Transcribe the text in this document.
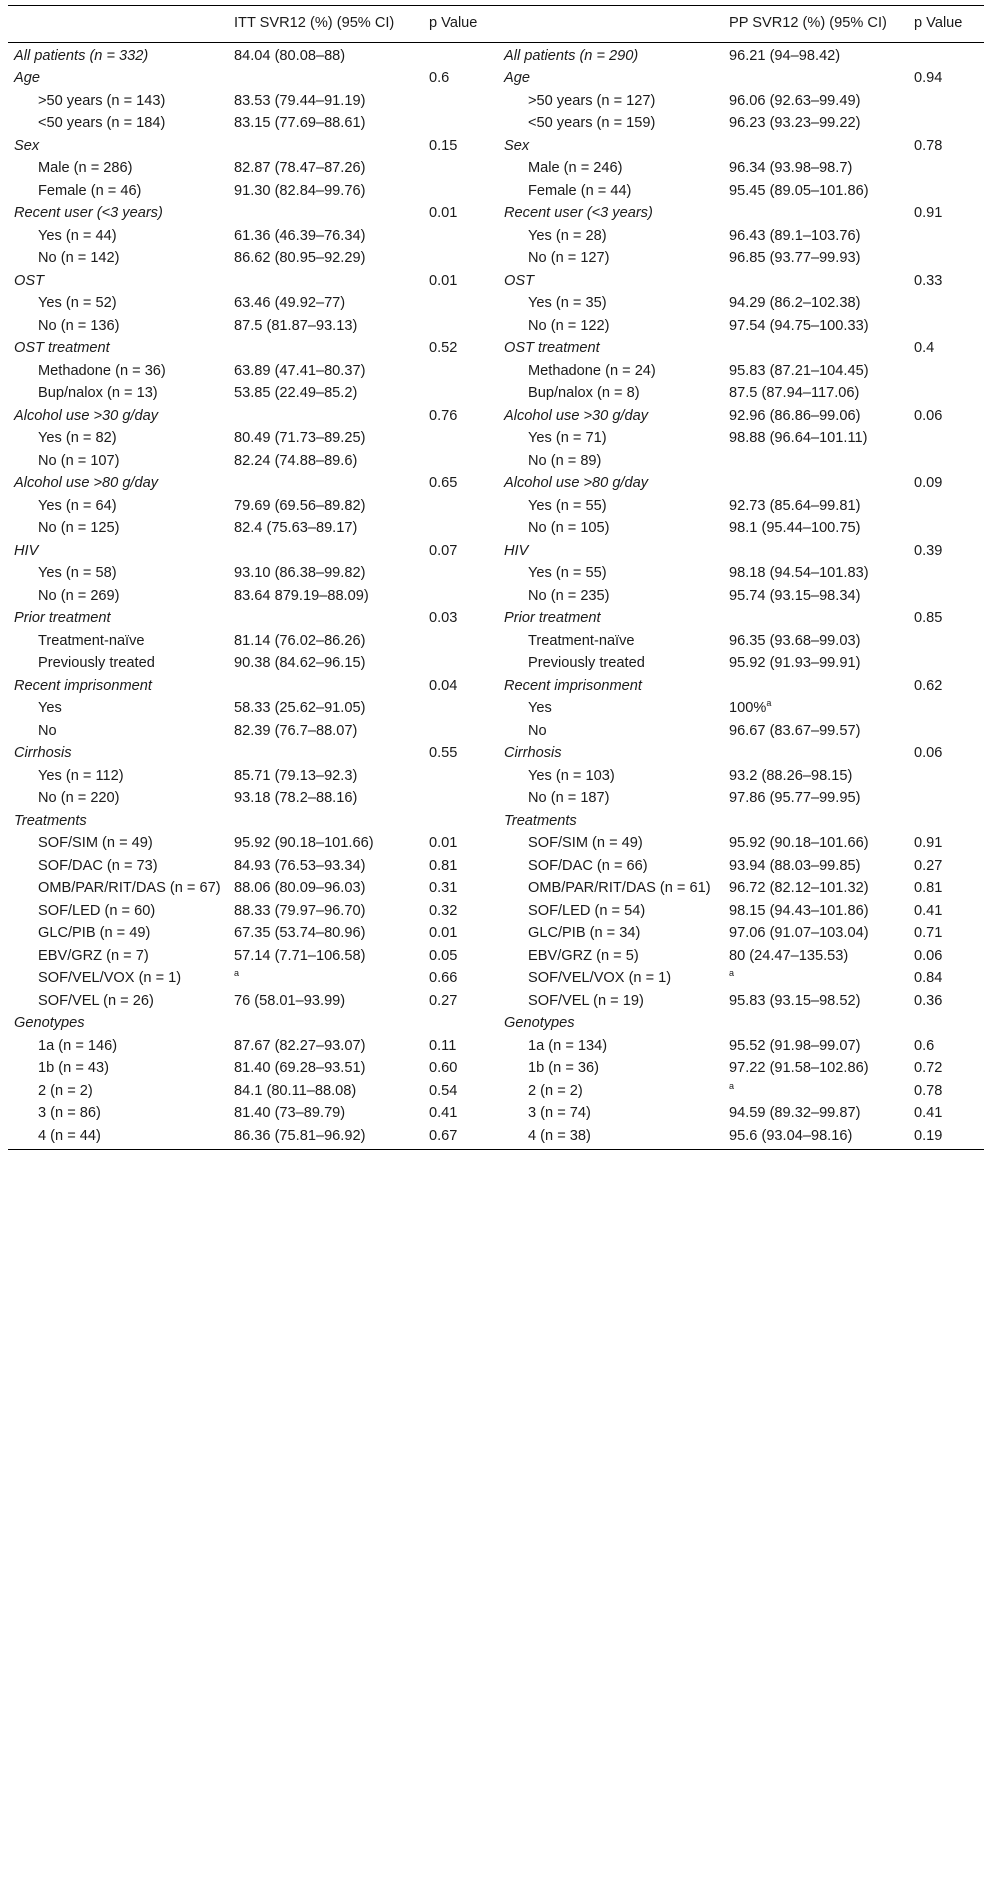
	ITT SVR12 (%) (95% CI)	p Value		PP SVR12 (%) (95% CI)	p Value
All patients (n = 332)	84.04 (80.08–88)		All patients (n = 290)	96.21 (94–98.42)	
Age		0.6	Age		0.94
>50 years (n = 143)	83.53 (79.44–91.19)		>50 years (n = 127)	96.06 (92.63–99.49)	
<50 years (n = 184)	83.15 (77.69–88.61)		<50 years (n = 159)	96.23 (93.23–99.22)	
Sex		0.15	Sex		0.78
Male (n = 286)	82.87 (78.47–87.26)		Male (n = 246)	96.34 (93.98–98.7)	
Female (n = 46)	91.30 (82.84–99.76)		Female (n = 44)	95.45 (89.05–101.86)	
Recent user (<3 years)		0.01	Recent user (<3 years)		0.91
Yes (n = 44)	61.36 (46.39–76.34)		Yes (n = 28)	96.43 (89.1–103.76)	
No (n = 142)	86.62 (80.95–92.29)		No (n = 127)	96.85 (93.77–99.93)	
OST		0.01	OST		0.33
Yes (n = 52)	63.46 (49.92–77)		Yes (n = 35)	94.29 (86.2–102.38)	
No (n = 136)	87.5 (81.87–93.13)		No (n = 122)	97.54 (94.75–100.33)	
OST treatment		0.52	OST treatment		0.4
Methadone (n = 36)	63.89 (47.41–80.37)		Methadone (n = 24)	95.83 (87.21–104.45)	
Bup/nalox (n = 13)	53.85 (22.49–85.2)		Bup/nalox (n = 8)	87.5 (87.94–117.06)	
Alcohol use >30 g/day		0.76	Alcohol use >30 g/day	92.96 (86.86–99.06)	0.06
Yes (n = 82)	80.49 (71.73–89.25)		Yes (n = 71)	98.88 (96.64–101.11)	
No (n = 107)	82.24 (74.88–89.6)		No (n = 89)		
Alcohol use >80 g/day		0.65	Alcohol use >80 g/day		0.09
Yes (n = 64)	79.69 (69.56–89.82)		Yes (n = 55)	92.73 (85.64–99.81)	
No (n = 125)	82.4 (75.63–89.17)		No (n = 105)	98.1 (95.44–100.75)	
HIV		0.07	HIV		0.39
Yes (n = 58)	93.10 (86.38–99.82)		Yes (n = 55)	98.18 (94.54–101.83)	
No (n = 269)	83.64 879.19–88.09)		No (n = 235)	95.74 (93.15–98.34)	
Prior treatment		0.03	Prior treatment		0.85
Treatment-naïve	81.14 (76.02–86.26)		Treatment-naïve	96.35 (93.68–99.03)	
Previously treated	90.38 (84.62–96.15)		Previously treated	95.92 (91.93–99.91)	
Recent imprisonment		0.04	Recent imprisonment		0.62
Yes	58.33 (25.62–91.05)		Yes	100%$^a$	
No	82.39 (76.7–88.07)		No	96.67 (83.67–99.57)	
Cirrhosis		0.55	Cirrhosis		0.06
Yes (n = 112)	85.71 (79.13–92.3)		Yes (n = 103)	93.2 (88.26–98.15)	
No (n = 220)	93.18 (78.2–88.16)		No (n = 187)	97.86 (95.77–99.95)	
Treatments			Treatments		
SOF/SIM (n = 49)	95.92 (90.18–101.66)	0.01	SOF/SIM (n = 49)	95.92 (90.18–101.66)	0.91
SOF/DAC (n = 73)	84.93 (76.53–93.34)	0.81	SOF/DAC (n = 66)	93.94 (88.03–99.85)	0.27
OMB/PAR/RIT/DAS (n = 67)	88.06 (80.09–96.03)	0.31	OMB/PAR/RIT/DAS (n = 61)	96.72 (82.12–101.32)	0.81
SOF/LED (n = 60)	88.33 (79.97–96.70)	0.32	SOF/LED (n = 54)	98.15 (94.43–101.86)	0.41
GLC/PIB (n = 49)	67.35 (53.74–80.96)	0.01	GLC/PIB (n = 34)	97.06 (91.07–103.04)	0.71
EBV/GRZ (n = 7)	57.14 (7.71–106.58)	0.05	EBV/GRZ (n = 5)	80 (24.47–135.53)	0.06
SOF/VEL/VOX (n = 1)	$^a$	0.66	SOF/VEL/VOX (n = 1)	$^a$	0.84
SOF/VEL (n = 26)	76 (58.01–93.99)	0.27	SOF/VEL (n = 19)	95.83 (93.15–98.52)	0.36
Genotypes			Genotypes		
1a (n = 146)	87.67 (82.27–93.07)	0.11	1a (n = 134)	95.52 (91.98–99.07)	0.6
1b (n = 43)	81.40 (69.28–93.51)	0.60	1b (n = 36)	97.22 (91.58–102.86)	0.72
2 (n = 2)	84.1 (80.11–88.08)	0.54	2 (n = 2)	$^a$	0.78
3 (n = 86)	81.40 (73–89.79)	0.41	3 (n = 74)	94.59 (89.32–99.87)	0.41
4 (n = 44)	86.36 (75.81–96.92)	0.67	4 (n = 38)	95.6 (93.04–98.16)	0.19
